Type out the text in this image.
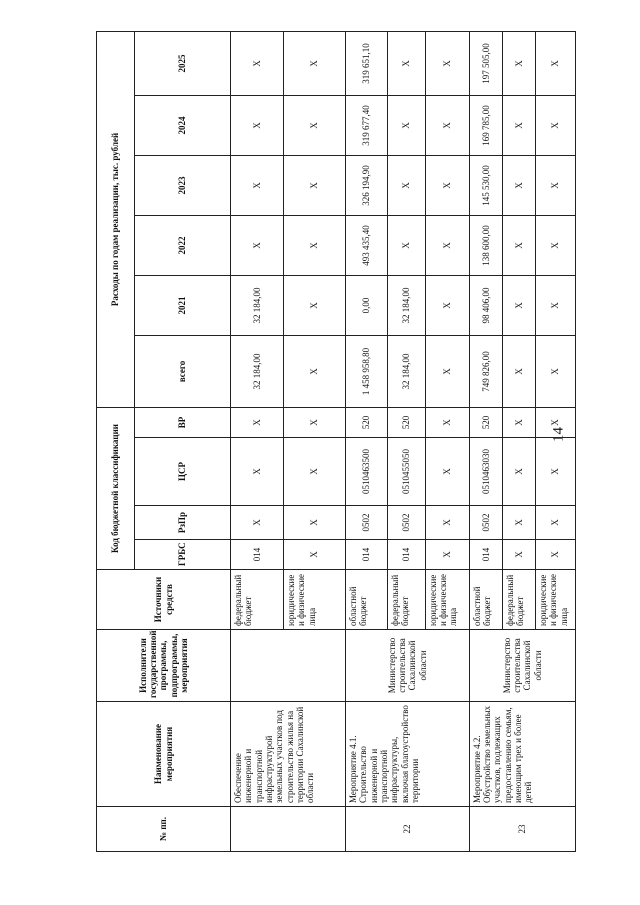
14
№ пп.	Наименование мероприятия	Исполнители государственной программы, подпрограммы, мероприятия	Источники средств	Код бюджетной классификации				Расходы по годам реализации, тыс. рублей					
				ГРБС	РзПр	ЦСР	ВР	всего	2021	2022	2023	2024	2025
	Обеспечение инженерной и транспортной инфраструктурой земельных участков под строительство жилья на территории Сахалинской области		федеральный бюджет	014	X	X	X	32 184,00	32 184,00	X	X	X	X
			юридические и физические лица	X	X	X	X	X	X	X	X	X	X
22	Мероприятие 4.1. Строительство инженерной и транспортной инфраструктуры, включая благоустройство территории	Министерство строительства Сахалинской области	областной бюджет	014	0502	0510463500	520	1 458 958,80	0,00	493 435,40	326 194,90	319 677,40	319 651,10
			федеральный бюджет	014	0502	0510455050	520	32 184,00	32 184,00	X	X	X	X
			юридические и физические лица	X	X	X	X	X	X	X	X	X	X
23	Мероприятие 4.2. Обустройство земельных участков, подлежащих предоставлению семьям, имеющим трех и более детей	Министерство строительства Сахалинской области	областной бюджет	014	0502	0510463030	520	749 826,00	98 406,00	138 600,00	145 530,00	169 785,00	197 505,00
			федеральный бюджет	X	X	X	X	X	X	X	X	X	X
			юридические и физические лица	X	X	X	X	X	X	X	X	X	X
